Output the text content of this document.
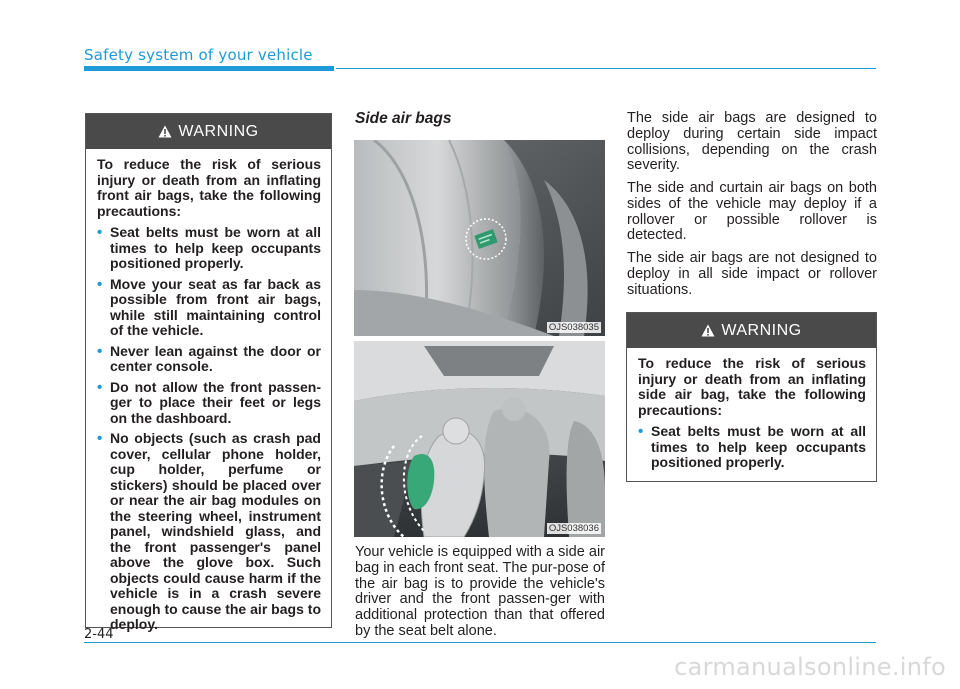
Safety system of your vehicle
WARNING

To reduce the risk of serious injury or death from an inflating front air bags, take the following precautions:

• Seat belts must be worn at all times to help keep occupants positioned properly.
• Move your seat as far back as possible from front air bags, while still maintaining control of the vehicle.
• Never lean against the door or center console.
• Do not allow the front passen-ger to place their feet or legs on the dashboard.
• No objects (such as crash pad cover, cellular phone holder, cup holder, perfume or stickers) should be placed over or near the air bag modules on the steering wheel, instrument panel, windshield glass, and the front passenger's panel above the glove box. Such objects could cause harm if the vehicle is in a crash severe enough to cause the air bags to deploy.
Side air bags
OJS038035
OJS038036

Your vehicle is equipped with a side air bag in each front seat. The pur-pose of the air bag is to provide the vehicle's driver and the front passen-ger with additional protection than that offered by the seat belt alone.

The side air bags are designed to deploy during certain side impact collisions, depending on the crash severity.

The side and curtain air bags on both sides of the vehicle may deploy if a rollover or possible rollover is detected.

The side air bags are not designed to deploy in all side impact or rollover situations.

WARNING

To reduce the risk of serious injury or death from an inflating side air bag, take the following precautions:

• Seat belts must be worn at all times to help keep occupants positioned properly.
2-44
carmanualsonline.info
